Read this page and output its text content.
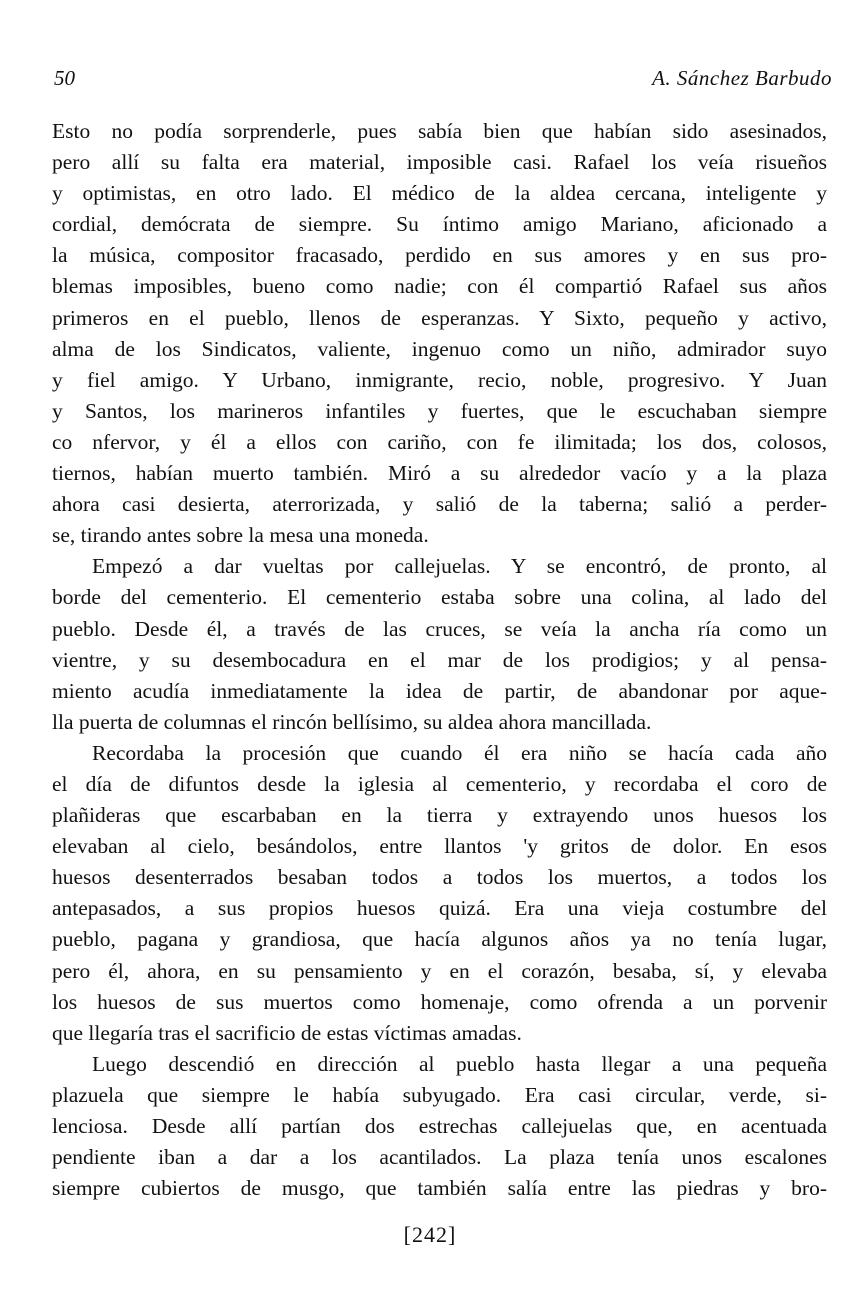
50	A. Sánchez Barbudo
Esto no podía sorprenderle, pues sabía bien que habían sido asesinados,
pero allí su falta era material, imposible casi. Rafael los veía risueños
y optimistas, en otro lado. El médico de la aldea cercana, inteligente y
cordial, demócrata de siempre. Su íntimo amigo Mariano, aficionado a
la música, compositor fracasado, perdido en sus amores y en sus pro-
blemas imposibles, bueno como nadie; con él compartió Rafael sus años
primeros en el pueblo, llenos de esperanzas. Y Sixto, pequeño y activo,
alma de los Sindicatos, valiente, ingenuo como un niño, admirador suyo
y fiel amigo. Y Urbano, inmigrante, recio, noble, progresivo. Y Juan
y Santos, los marineros infantiles y fuertes, que le escuchaban siempre
co nfervor, y él a ellos con cariño, con fe ilimitada; los dos, colosos,
tiernos, habían muerto también. Miró a su alrededor vacío y a la plaza
ahora casi desierta, aterrorizada, y salió de la taberna; salió a perder-
se, tirando antes sobre la mesa una moneda.
Empezó a dar vueltas por callejuelas. Y se encontró, de pronto, al
borde del cementerio. El cementerio estaba sobre una colina, al lado del
pueblo. Desde él, a través de las cruces, se veía la ancha ría como un
vientre, y su desembocadura en el mar de los prodigios; y al pensa-
miento acudía inmediatamente la idea de partir, de abandonar por aque-
lla puerta de columnas el rincón bellísimo, su aldea ahora mancillada.
Recordaba la procesión que cuando él era niño se hacía cada año
el día de difuntos desde la iglesia al cementerio, y recordaba el coro de
plañideras que escarbaban en la tierra y extrayendo unos huesos los
elevaban al cielo, besándolos, entre llantos 'y gritos de dolor. En esos
huesos desenterrados besaban todos a todos los muertos, a todos los
antepasados, a sus propios huesos quizá. Era una vieja costumbre del
pueblo, pagana y grandiosa, que hacía algunos años ya no tenía lugar,
pero él, ahora, en su pensamiento y en el corazón, besaba, sí, y elevaba
los huesos de sus muertos como homenaje, como ofrenda a un porvenir
que llegaría tras el sacrificio de estas víctimas amadas.
Luego descendió en dirección al pueblo hasta llegar a una pequeña
plazuela que siempre le había subyugado. Era casi circular, verde, si-
lenciosa. Desde allí partían dos estrechas callejuelas que, en acentuada
pendiente iban a dar a los acantilados. La plaza tenía unos escalones
siempre cubiertos de musgo, que también salía entre las piedras y bro-
[242]
